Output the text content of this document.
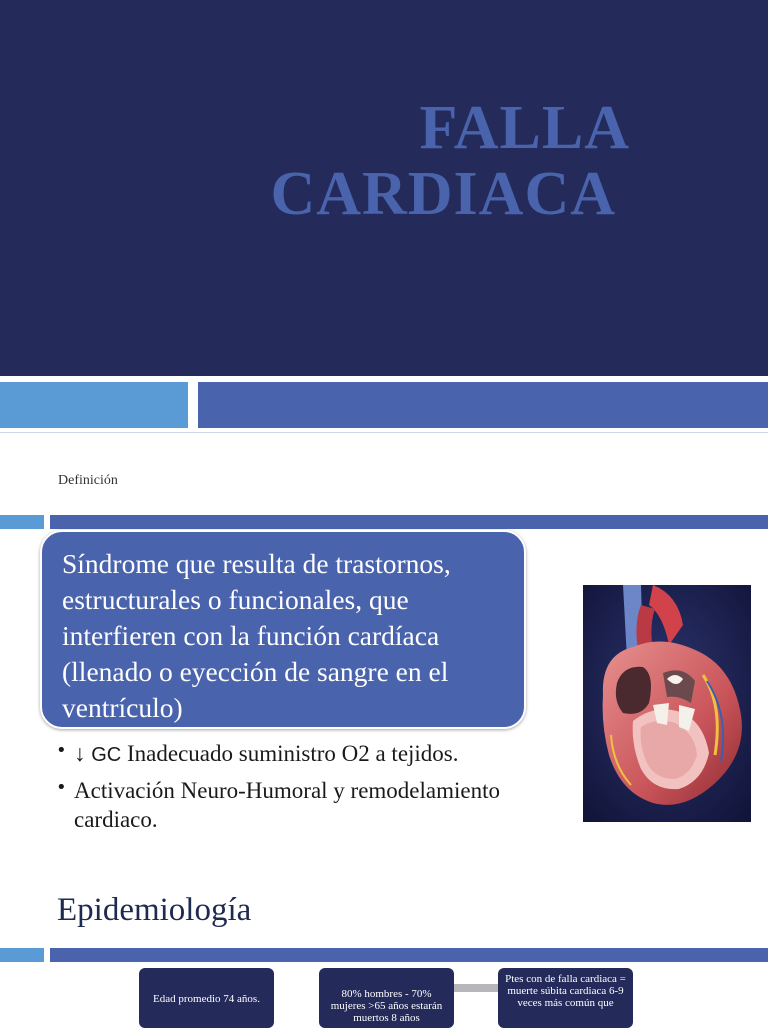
FALLA
CARDIACA
Definición
Síndrome que resulta de trastornos, estructurales o funcionales, que interfieren con la función cardíaca (llenado o eyección de sangre en el ventrículo)
• ↓ GC Inadecuado suministro O2 a tejidos.
• Activación Neuro-Humoral y remodelamiento cardiaco.
Epidemiología
Edad promedio 74 años.	80% hombres - 70% mujeres >65 años estarán muertos 8 años
Ptes con de falla cardiaca = muerte súbita cardiaca 6-9 veces más común que
